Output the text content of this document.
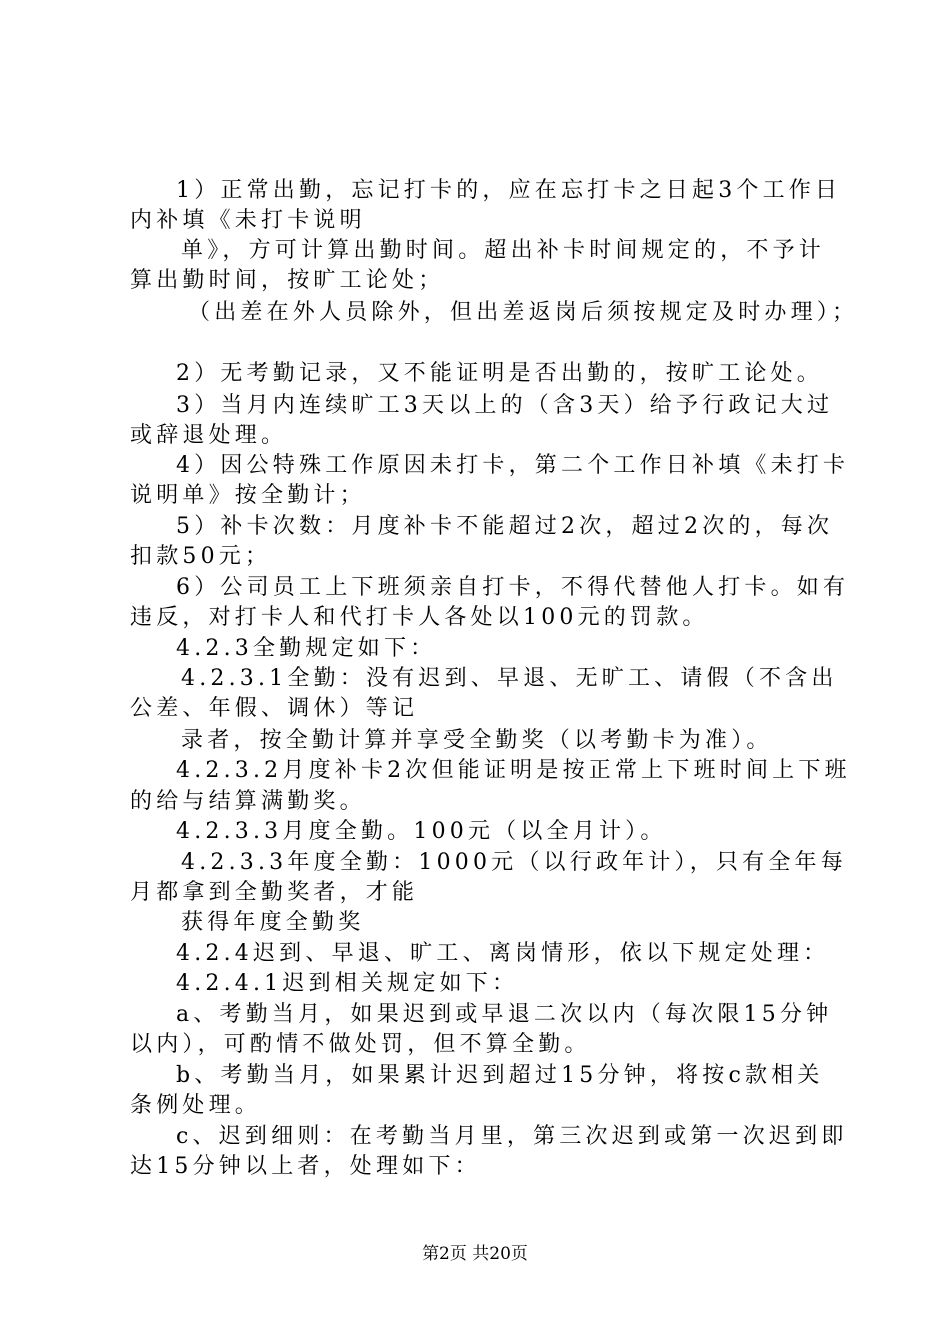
1）正常出勤，忘记打卡的，应在忘打卡之日起3个工作日
内补填《未打卡说明
单》，方可计算出勤时间。超出补卡时间规定的，不予计
算出勤时间，按旷工论处；
（出差在外人员除外，但出差返岗后须按规定及时办理）；
2）无考勤记录，又不能证明是否出勤的，按旷工论处。
3）当月内连续旷工3天以上的（含3天）给予行政记大过
或辞退处理。
4）因公特殊工作原因未打卡，第二个工作日补填《未打卡
说明单》按全勤计；
5）补卡次数：月度补卡不能超过2次，超过2次的，每次
扣款50元；
6）公司员工上下班须亲自打卡，不得代替他人打卡。如有
违反，对打卡人和代打卡人各处以100元的罚款。
4.2.3全勤规定如下：
4.2.3.1全勤：没有迟到、早退、无旷工、请假（不含出
公差、年假、调休）等记
录者，按全勤计算并享受全勤奖（以考勤卡为准）。
4.2.3.2月度补卡2次但能证明是按正常上下班时间上下班
的给与结算满勤奖。
4.2.3.3月度全勤。100元（以全月计）。
4.2.3.3年度全勤：1000元（以行政年计），只有全年每
月都拿到全勤奖者，才能
获得年度全勤奖
4.2.4迟到、早退、旷工、离岗情形，依以下规定处理：
4.2.4.1迟到相关规定如下：
a、考勤当月，如果迟到或早退二次以内（每次限15分钟
以内），可酌情不做处罚，但不算全勤。
b、考勤当月，如果累计迟到超过15分钟，将按c款相关
条例处理。
c、迟到细则：在考勤当月里，第三次迟到或第一次迟到即
达15分钟以上者，处理如下：
第2页 共20页
